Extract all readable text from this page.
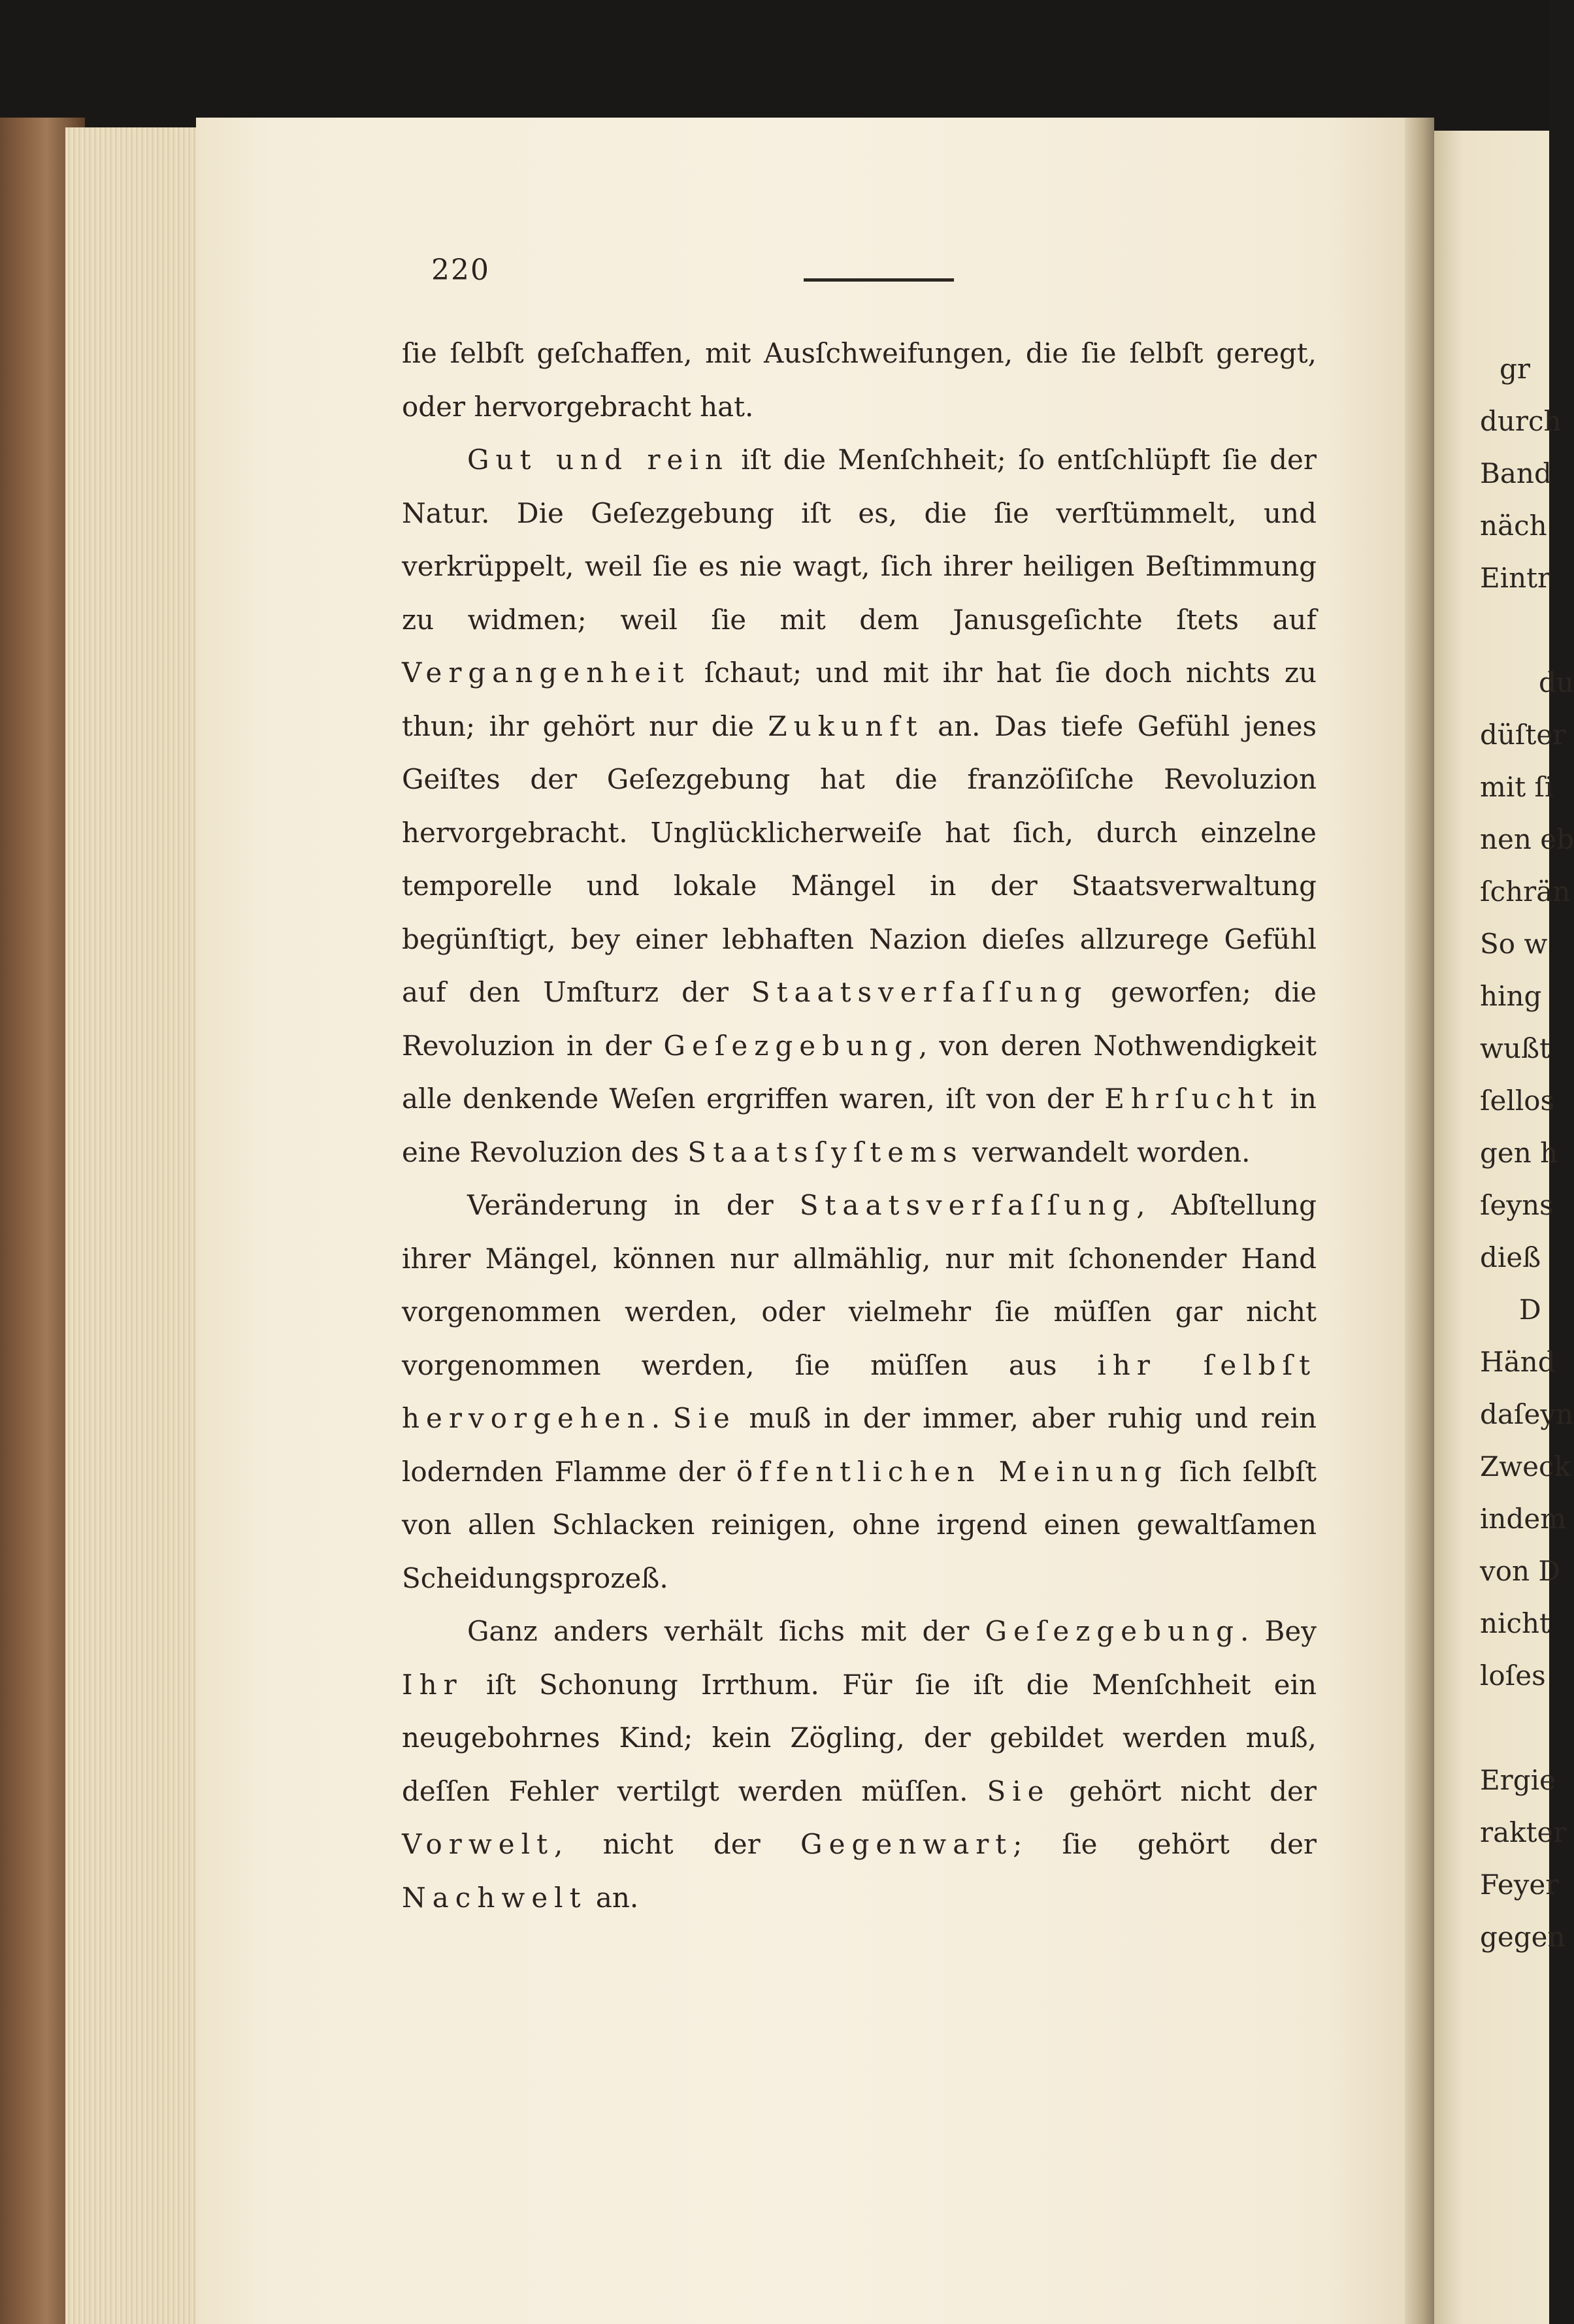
gr
durch
Band
näch
Eintr
du
düſter
mit ſi
nen eb
ſchrän
So w
hing
wußt
ſellos
gen h
ſeyns
dieß
D
Händ
daſeyn
Zweck
indem
von D
nicht
loſes
Ergie
rakter
Feyer
gegen
220

ſie ſelbſt geſchaffen, mit Ausſchweifungen, die ſie ſelbſt geregt, oder hervorgebracht hat.

Gut und rein iſt die Menſchheit; ſo entſchlüpft ſie der Natur. Die Geſezgebung iſt es, die ſie verſtümmelt, und verkrüppelt, weil ſie es nie wagt, ſich ihrer heiligen Beſtimmung zu widmen; weil ſie mit dem Janusgeſichte ſtets auf Vergangenheit ſchaut; und mit ihr hat ſie doch nichts zu thun; ihr gehört nur die Zukunft an. Das tiefe Gefühl jenes Geiſtes der Geſezgebung hat die franzöſiſche Revoluzion hervorgebracht. Unglücklicherweiſe hat ſich, durch einzelne temporelle und lokale Mängel in der Staatsverwaltung begünſtigt, bey einer lebhaften Nazion dieſes allzurege Gefühl auf den Umſturz der Staatsverfaſſung geworfen; die Revoluzion in der Geſezgebung, von deren Nothwendigkeit alle denkende Weſen ergriffen waren, iſt von der Ehrſucht in eine Revoluzion des Staatsſyſtems verwandelt worden.

Veränderung in der Staatsverfaſſung, Abſtellung ihrer Mängel, können nur allmählig, nur mit ſchonender Hand vorgenommen werden, oder vielmehr ſie müſſen gar nicht vorgenommen werden, ſie müſſen aus ihr ſelbſt hervorgehen. Sie muß in der immer, aber ruhig und rein lodernden Flamme der öffentlichen Meinung ſich ſelbſt von allen Schlacken reinigen, ohne irgend einen gewaltſamen Scheidungsprozeß.

Ganz anders verhält ſichs mit der Geſezgebung. Bey Ihr iſt Schonung Irrthum. Für ſie iſt die Menſchheit ein neugebohrnes Kind; kein Zögling, der gebildet werden muß, deſſen Fehler vertilgt werden müſſen. Sie gehört nicht der Vorwelt, nicht der Gegenwart; ſie gehört der Nachwelt an.
